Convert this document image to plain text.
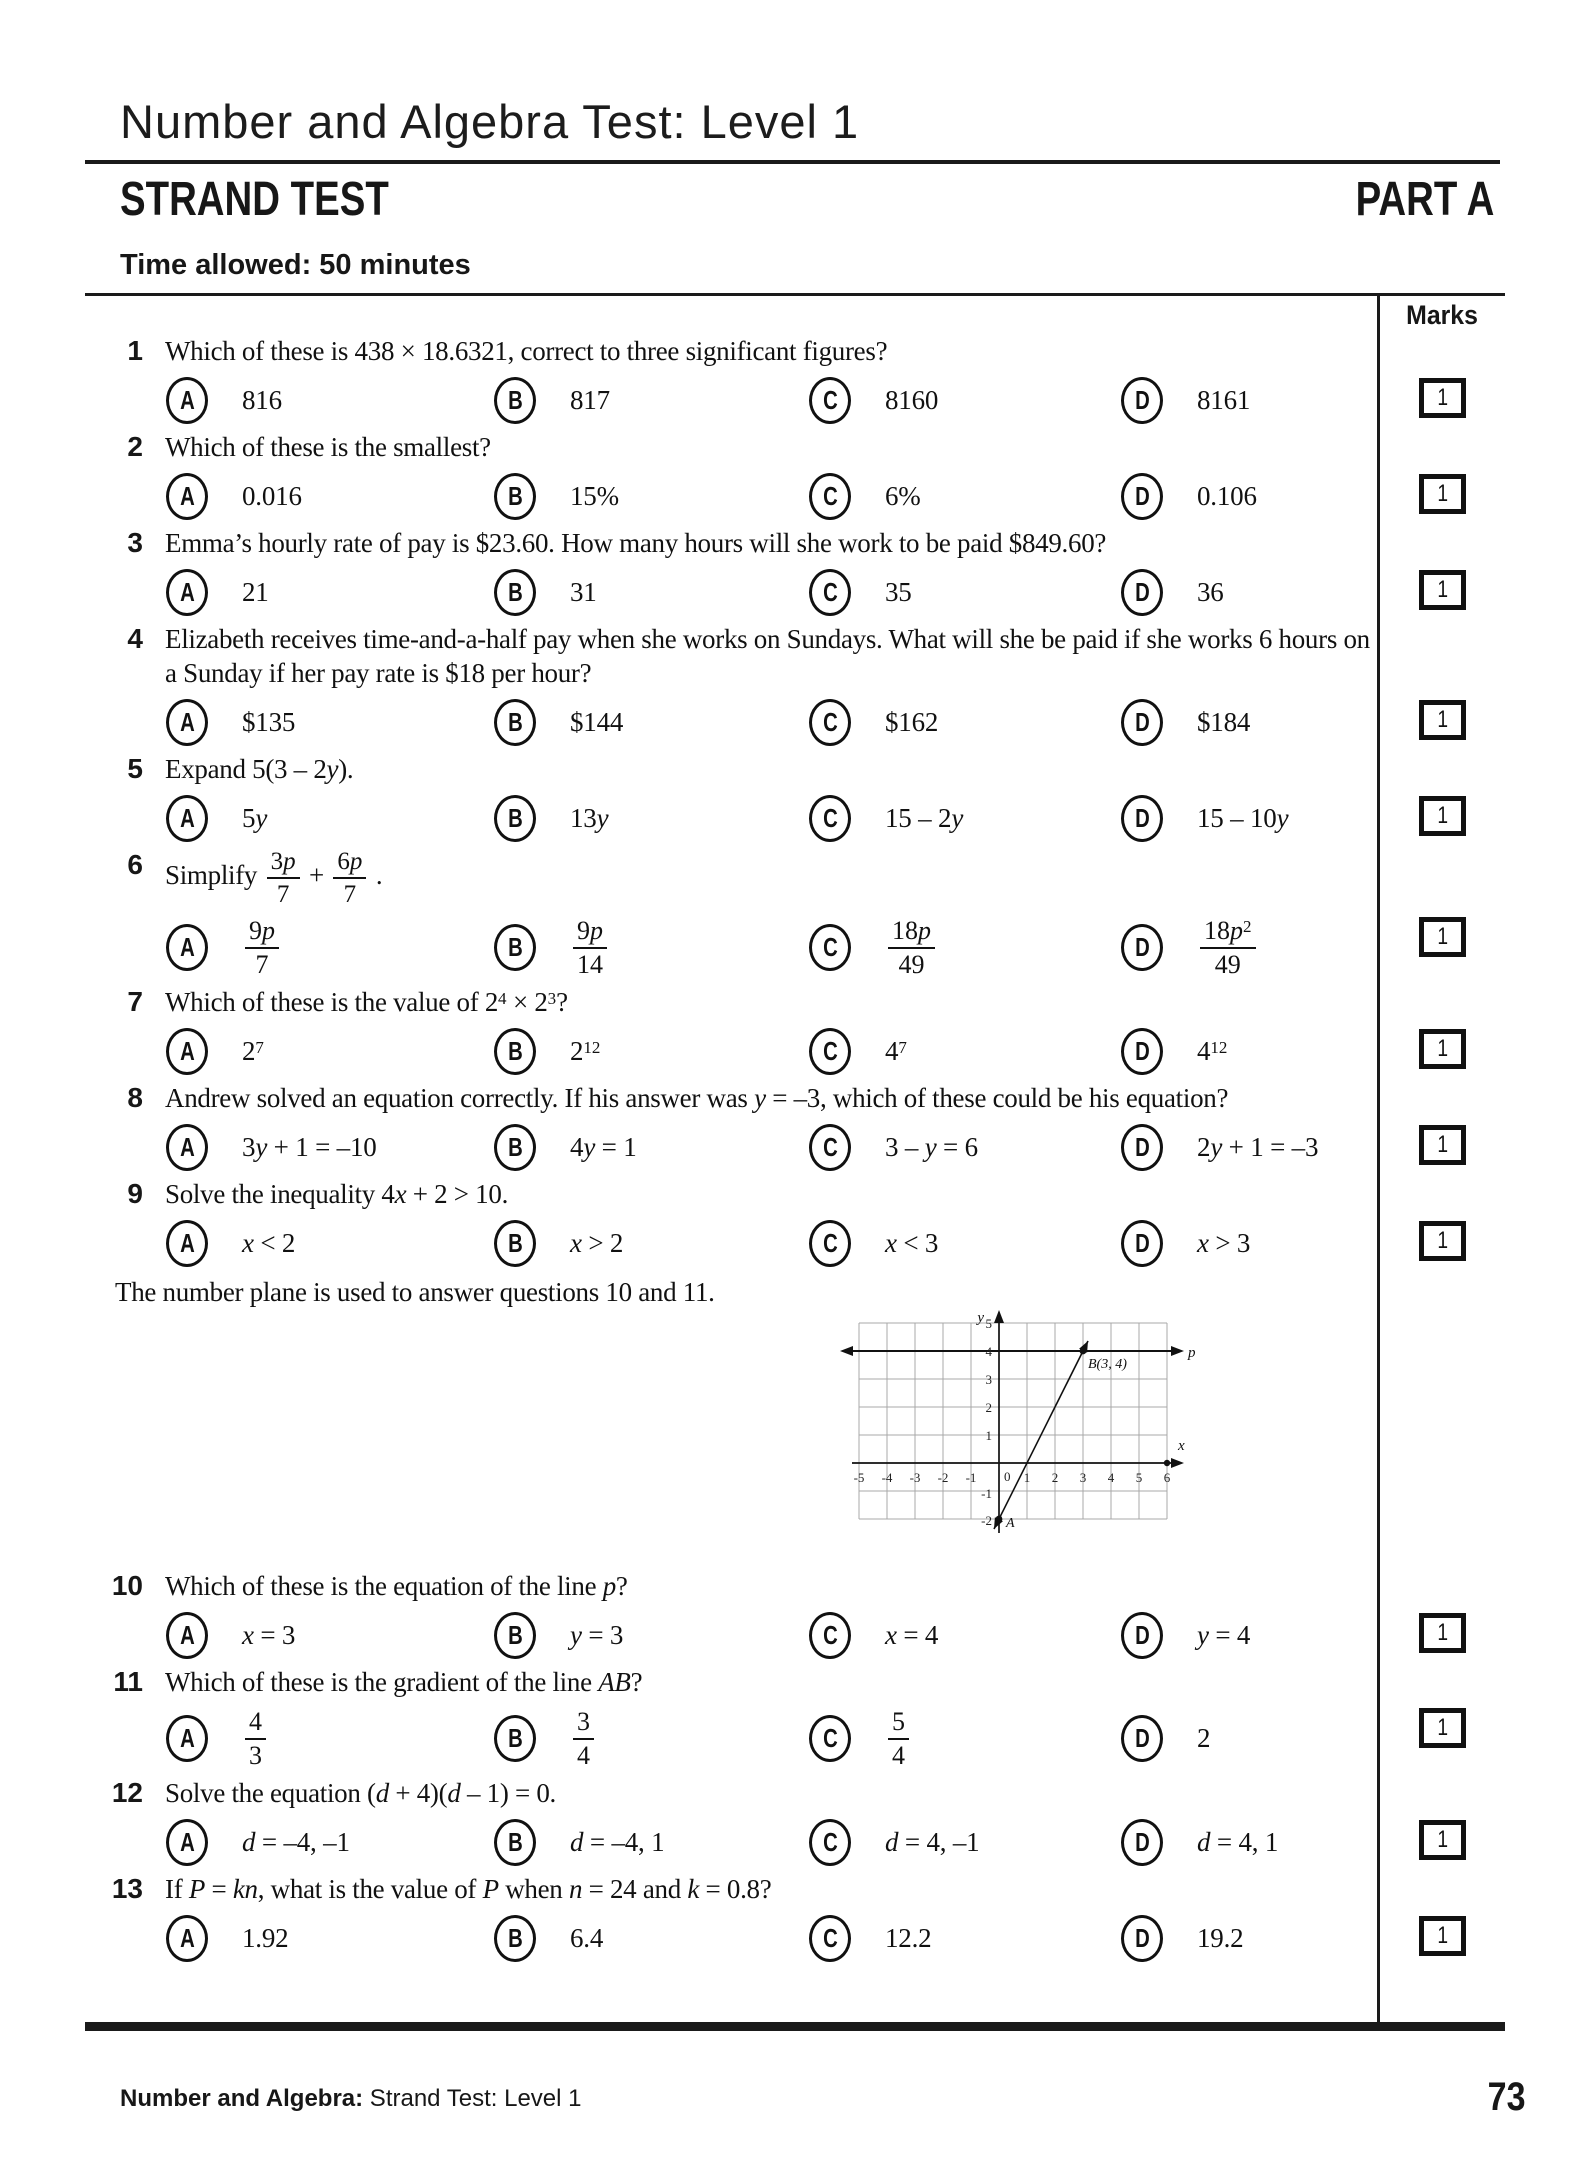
Number and Algebra Test: Level 1
STRAND TEST	PART A
Time allowed: 50 minutes
Marks
1 Which of these is 438 × 18.6321, correct to three significant figures?
A 816	B 817	C 8160	D 8161	1
2 Which of these is the smallest?
A 0.016	B 15%	C 6%	D 0.106	1
3 Emma’s hourly rate of pay is $23.60. How many hours will she work to be paid $849.60?
A 21	B 31	C 35	D 36	1
4 Elizabeth receives time-and-a-half pay when she works on Sundays. What will she be paid if she works 6 hours on a Sunday if her pay rate is $18 per hour?
A $135	B $144	C $162	D $184	1
5 Expand 5(3 – 2y).
A 5y	B 13y	C 15 – 2y	D 15 – 10y	1
6 Simplify $\frac{3p}{7} + \frac{6p}{7}$ .
A $\frac{9p}{7}$	B $\frac{9p}{14}$	C $\frac{18p}{49}$	D $\frac{18p^2}{49}$	1
7 Which of these is the value of $2^4 \times 2^3$?
A $2^7$	B $2^{12}$	C $4^7$	D $4^{12}$	1
8 Andrew solved an equation correctly. If his answer was y = –3, which of these could be his equation?
A 3y + 1 = –10	B 4y = 1	C 3 – y = 6	D 2y + 1 = –3	1
9 Solve the inequality 4x + 2 > 10.
A x < 2	B x > 2	C x < 3	D x > 3	1
The number plane is used to answer questions 10 and 11.
x
y
p
A
B(3, 4)
-5 -4 -3 -2 -1 0 1 2 3 4 5 6
5
4
3
2
1
-1
-2
10 Which of these is the equation of the line p?
A x = 3	B y = 3	C x = 4	D y = 4	1
11 Which of these is the gradient of the line AB?
A $\frac{4}{3}$	B $\frac{3}{4}$	C $\frac{5}{4}$	D 2	1
12 Solve the equation (d + 4)(d – 1) = 0.
A d = –4, –1	B d = –4, 1	C d = 4, –1	D d = 4, 1	1
13 If P = kn, what is the value of P when n = 24 and k = 0.8?
A 1.92	B 6.4	C 12.2	D 19.2	1
Number and Algebra: Strand Test: Level 1	73
